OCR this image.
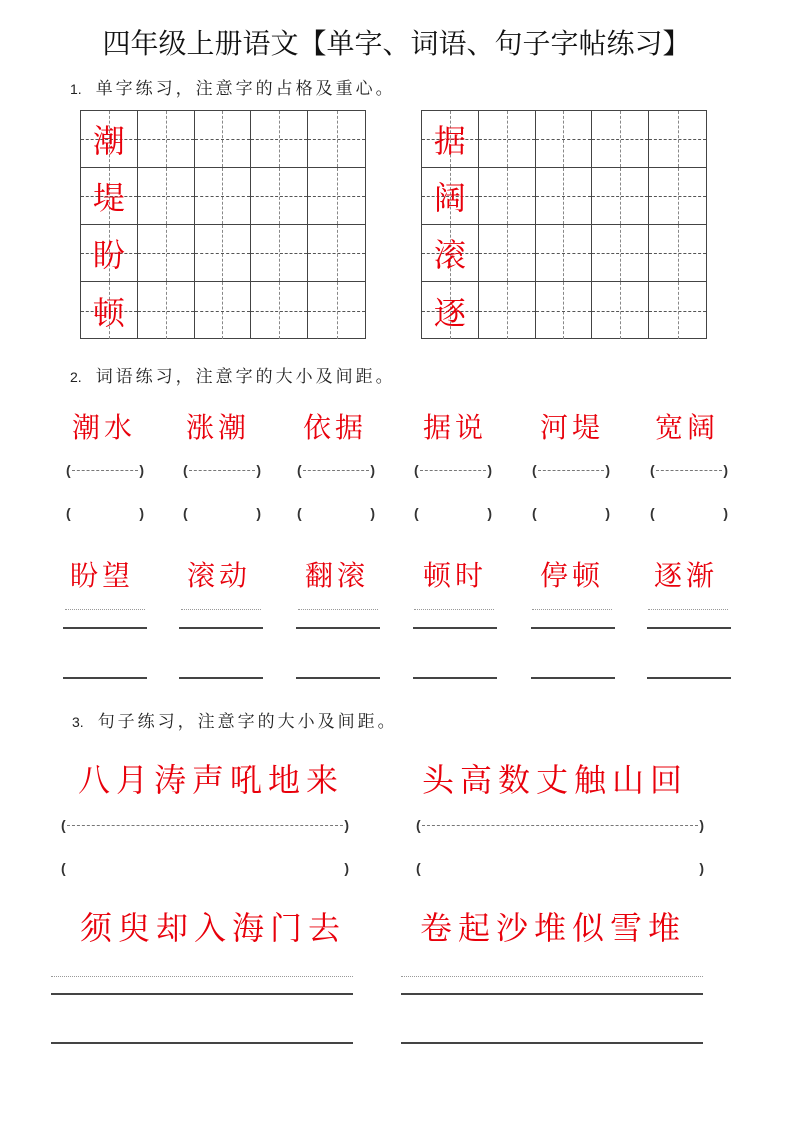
四年级上册语文【单字、词语、句子字帖练习】
1. 单字练习，注意字的占格及重心。
潮
堤
盼
顿
据
阔
滚
逐
2. 词语练习，注意字的大小及间距。
潮水 涨潮 依据 据说 河堤 宽阔
(	)	(	)	(	)	(	)	(	)	(	)
(	)	(	)	(	)	(	)	(	)	(	)
盼望 滚动 翻滚 顿时 停顿 逐渐
3. 句子练习，注意字的大小及间距。
八月涛声吼地来 头高数丈触山回
(	)	(	)
(	)	(	)
须臾却入海门去 卷起沙堆似雪堆
